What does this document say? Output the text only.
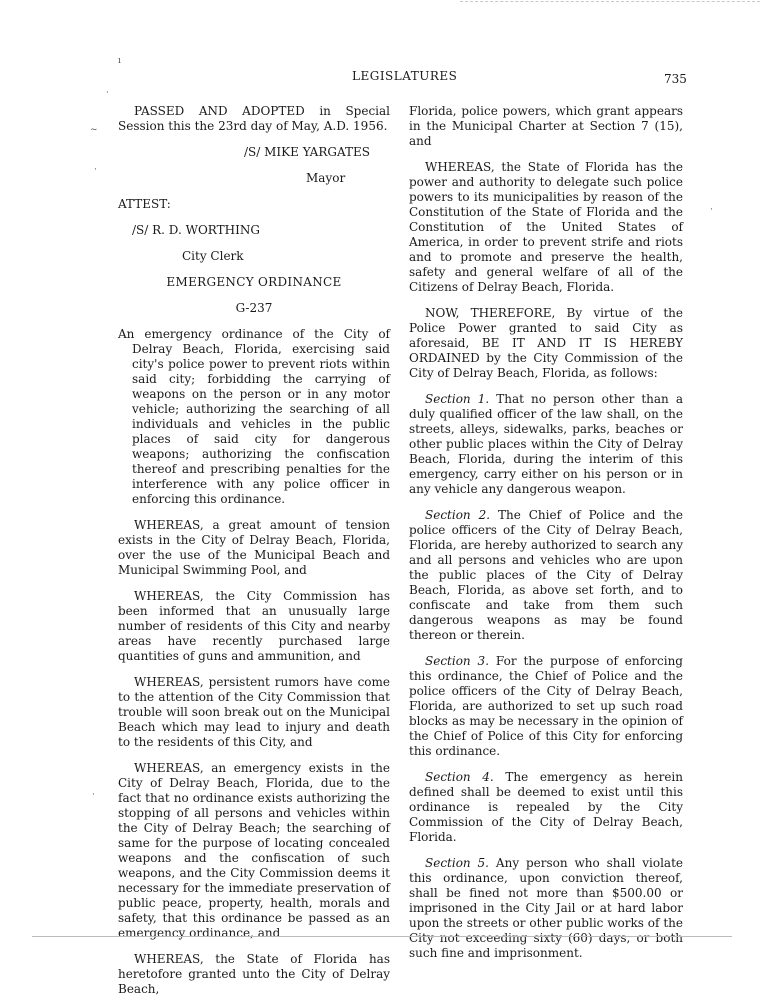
LEGISLATURES	735
ı
·
~
·
·
·

PASSED AND ADOPTED in Special Session this the 23rd day of May, A.D. 1956.

/S/ MIKE YARGATES

Mayor

ATTEST:

/S/ R. D. WORTHING

City Clerk

EMERGENCY ORDINANCE

G-237

An emergency ordinance of the City of Delray Beach, Florida, exercising said city's police power to prevent riots within said city; forbidding the carrying of weapons on the person or in any motor vehicle; authorizing the searching of all individuals and vehicles in the public places of said city for dangerous weapons; authorizing the confiscation thereof and prescribing penalties for the interference with any police officer in enforcing this ordinance.

WHEREAS, a great amount of tension exists in the City of Delray Beach, Florida, over the use of the Municipal Beach and Municipal Swimming Pool, and

WHEREAS, the City Commission has been informed that an unusually large number of residents of this City and nearby areas have recently purchased large quantities of guns and ammunition, and

WHEREAS, persistent rumors have come to the attention of the City Commission that trouble will soon break out on the Municipal Beach which may lead to injury and death to the residents of this City, and

WHEREAS, an emergency exists in the City of Delray Beach, Florida, due to the fact that no ordinance exists authorizing the stopping of all persons and vehicles within the City of Delray Beach; the searching of same for the purpose of locating concealed weapons and the confiscation of such weapons, and the City Commission deems it necessary for the immediate preservation of public peace, property, health, morals and safety, that this ordinance be passed as an emergency ordinance, and

WHEREAS, the State of Florida has heretofore granted unto the City of Delray Beach,

Florida, police powers, which grant appears in the Municipal Charter at Section 7 (15), and

WHEREAS, the State of Florida has the power and authority to delegate such police powers to its municipalities by reason of the Constitution of the State of Florida and the Constitution of the United States of America, in order to prevent strife and riots and to promote and preserve the health, safety and general welfare of all of the Citizens of Delray Beach, Florida.

NOW, THEREFORE, By virtue of the Police Power granted to said City as aforesaid, BE IT AND IT IS HEREBY ORDAINED by the City Commission of the City of Delray Beach, Florida, as follows:

Section 1. That no person other than a duly qualified officer of the law shall, on the streets, alleys, sidewalks, parks, beaches or other public places within the City of Delray Beach, Florida, during the interim of this emergency, carry either on his person or in any vehicle any dangerous weapon.

Section 2. The Chief of Police and the police officers of the City of Delray Beach, Florida, are hereby authorized to search any and all persons and vehicles who are upon the public places of the City of Delray Beach, Florida, as above set forth, and to confiscate and take from them such dangerous weapons as may be found thereon or therein.

Section 3. For the purpose of enforcing this ordinance, the Chief of Police and the police officers of the City of Delray Beach, Florida, are authorized to set up such road blocks as may be necessary in the opinion of the Chief of Police of this City for enforcing this ordinance.

Section 4. The emergency as herein defined shall be deemed to exist until this ordinance is repealed by the City Commission of the City of Delray Beach, Florida.

Section 5. Any person who shall violate this ordinance, upon conviction thereof, shall be fined not more than $500.00 or imprisoned in the City Jail or at hard labor upon the streets or other public works of the City not exceeding sixty (60) days, or both such fine and imprisonment.
